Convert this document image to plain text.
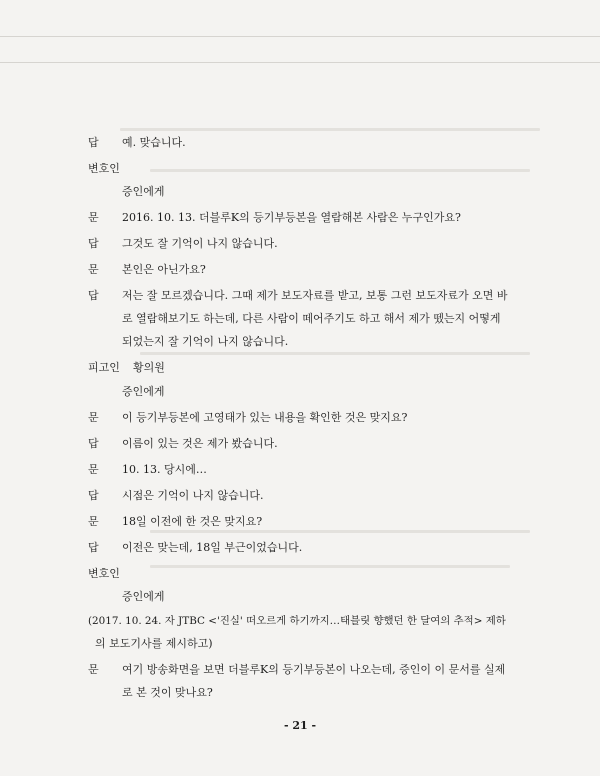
답 예. 맞습니다.
변호인
증인에게
문 2016. 10. 13. 더블루K의 등기부등본을 열람해본 사람은 누구인가요?
답 그것도 잘 기억이 나지 않습니다.
문 본인은 아닌가요?
답 저는 잘 모르겠습니다. 그때 제가 보도자료를 받고, 보통 그런 보도자료가 오면 바
로 열람해보기도 하는데, 다른 사람이 떼어주기도 하고 해서 제가 뗐는지 어떻게
되었는지 잘 기억이 나지 않습니다.
피고인 황의원
증인에게
문 이 등기부등본에 고영태가 있는 내용을 확인한 것은 맞지요?
답 이름이 있는 것은 제가 봤습니다.
문 10. 13. 당시에…
답 시점은 기억이 나지 않습니다.
문 18일 이전에 한 것은 맞지요?
답 이전은 맞는데, 18일 부근이었습니다.
변호인
증인에게
(2017. 10. 24. 자 JTBC <'진실' 떠오르게 하기까지…태블릿 향했던 한 달여의 추적> 제하
의 보도기사를 제시하고)
문 여기 방송화면을 보면 더블루K의 등기부등본이 나오는데, 증인이 이 문서를 실제
로 본 것이 맞나요?
- 21 -
